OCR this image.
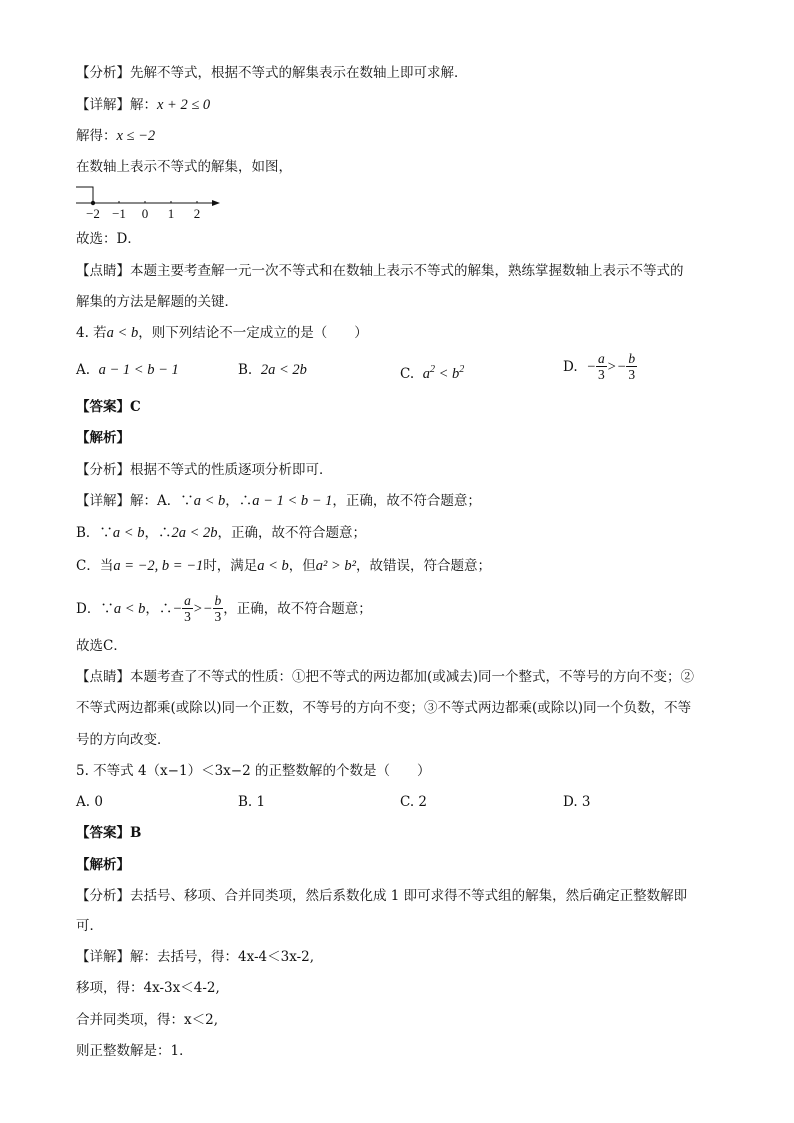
【分析】先解不等式，根据不等式的解集表示在数轴上即可求解．
【详解】解：x + 2 ≤ 0
解得：x ≤ −2
在数轴上表示不等式的解集，如图，
−2 −1 0 1 2
故选：D．
【点睛】本题主要考查解一元一次不等式和在数轴上表示不等式的解集，熟练掌握数轴上表示不等式的
解集的方法是解题的关键．
4. 若a < b，则下列结论不一定成立的是（　　）
A. a − 1 < b − 1	B. 2a < 2b	C. $a^2 < b^2$	D. − $\frac{a}{3} >- \frac{b}{3}$
【答案】C
【解析】
【分析】根据不等式的性质逐项分析即可．
【详解】解：A．∵a < b，∴a − 1 < b − 1，正确，故不符合题意；
B．∵a < b，∴2a < 2b，正确，故不符合题意；
C．当a = −2, b = −1时，满足a < b，但a² > b²，故错误，符合题意；
D．∵a < b，∴− $\frac{a}{3} >- \frac{b}{3}$ ，正确，故不符合题意；
故选C．
【点睛】本题考查了不等式的性质：①把不等式的两边都加(或减去)同一个整式，不等号的方向不变；②
不等式两边都乘(或除以)同一个正数，不等号的方向不变；③不等式两边都乘(或除以)同一个负数，不等
号的方向改变．
5. 不等式 4（x−1）＜3x−2 的正整数解的个数是（　　）
A. 0	B. 1	C. 2	D. 3
【答案】B
【解析】
【分析】去括号、移项、合并同类项，然后系数化成 1 即可求得不等式组的解集，然后确定正整数解即
可．
【详解】解：去括号，得：4x-4＜3x-2,
移项，得：4x-3x＜4-2,
合并同类项，得：x＜2,
则正整数解是：1．
